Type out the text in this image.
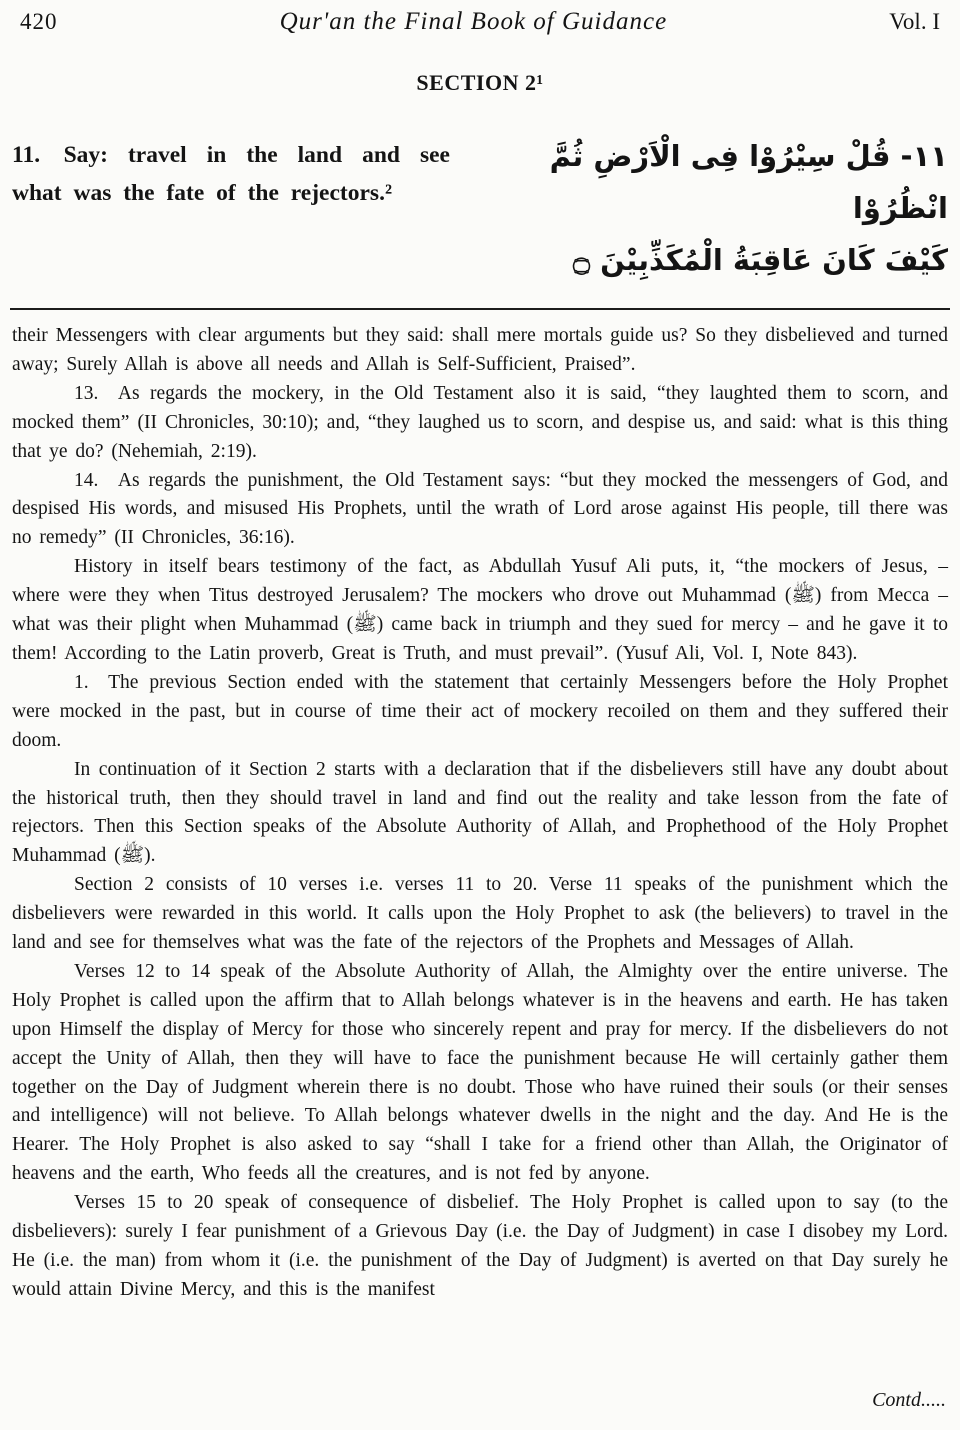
420	Qur'an the Final Book of Guidance	Vol. I
SECTION 2¹
11. Say: travel in the land and see what was the fate of the rejectors.²
۱۱- قُلْ سِيْرُوْا فِى الْاَرْضِ ثُمَّ انْظُرُوْا
كَيْفَ كَانَ عَاقِبَةُ الْمُكَذِّبِيْنَ ۝

their Messengers with clear arguments but they said: shall mere mortals guide us? So they disbelieved and turned away; Surely Allah is above all needs and Allah is Self-Sufficient, Praised”.

13. As regards the mockery, in the Old Testament also it is said, “they laughted them to scorn, and mocked them” (II Chronicles, 30:10); and, “they laughed us to scorn, and despise us, and said: what is this thing that ye do? (Nehemiah, 2:19).

14. As regards the punishment, the Old Testament says: “but they mocked the messengers of God, and despised His words, and misused His Prophets, until the wrath of Lord arose against His people, till there was no remedy” (II Chronicles, 36:16).

History in itself bears testimony of the fact, as Abdullah Yusuf Ali puts, it, “the mockers of Jesus, – where were they when Titus destroyed Jerusalem? The mockers who drove out Muhammad (ﷺ) from Mecca – what was their plight when Muhammad (ﷺ) came back in triumph and they sued for mercy – and he gave it to them! According to the Latin proverb, Great is Truth, and must prevail”. (Yusuf Ali, Vol. I, Note 843).

1. The previous Section ended with the statement that certainly Messengers before the Holy Prophet were mocked in the past, but in course of time their act of mockery recoiled on them and they suffered their doom.

In continuation of it Section 2 starts with a declaration that if the disbelievers still have any doubt about the historical truth, then they should travel in land and find out the reality and take lesson from the fate of rejectors. Then this Section speaks of the Absolute Authority of Allah, and Prophethood of the Holy Prophet Muhammad (ﷺ).

Section 2 consists of 10 verses i.e. verses 11 to 20. Verse 11 speaks of the punishment which the disbelievers were rewarded in this world. It calls upon the Holy Prophet to ask (the believers) to travel in the land and see for themselves what was the fate of the rejectors of the Prophets and Messages of Allah.

Verses 12 to 14 speak of the Absolute Authority of Allah, the Almighty over the entire universe. The Holy Prophet is called upon the affirm that to Allah belongs whatever is in the heavens and earth. He has taken upon Himself the display of Mercy for those who sincerely repent and pray for mercy. If the disbelievers do not accept the Unity of Allah, then they will have to face the punishment because He will certainly gather them together on the Day of Judgment wherein there is no doubt. Those who have ruined their souls (or their senses and intelligence) will not believe. To Allah belongs whatever dwells in the night and the day. And He is the Hearer. The Holy Prophet is also asked to say “shall I take for a friend other than Allah, the Originator of heavens and the earth, Who feeds all the creatures, and is not fed by anyone.

Verses 15 to 20 speak of consequence of disbelief. The Holy Prophet is called upon to say (to the disbelievers): surely I fear punishment of a Grievous Day (i.e. the Day of Judgment) in case I disobey my Lord. He (i.e. the man) from whom it (i.e. the punishment of the Day of Judgment) is averted on that Day surely he would attain Divine Mercy, and this is the manifest

Contd.....
